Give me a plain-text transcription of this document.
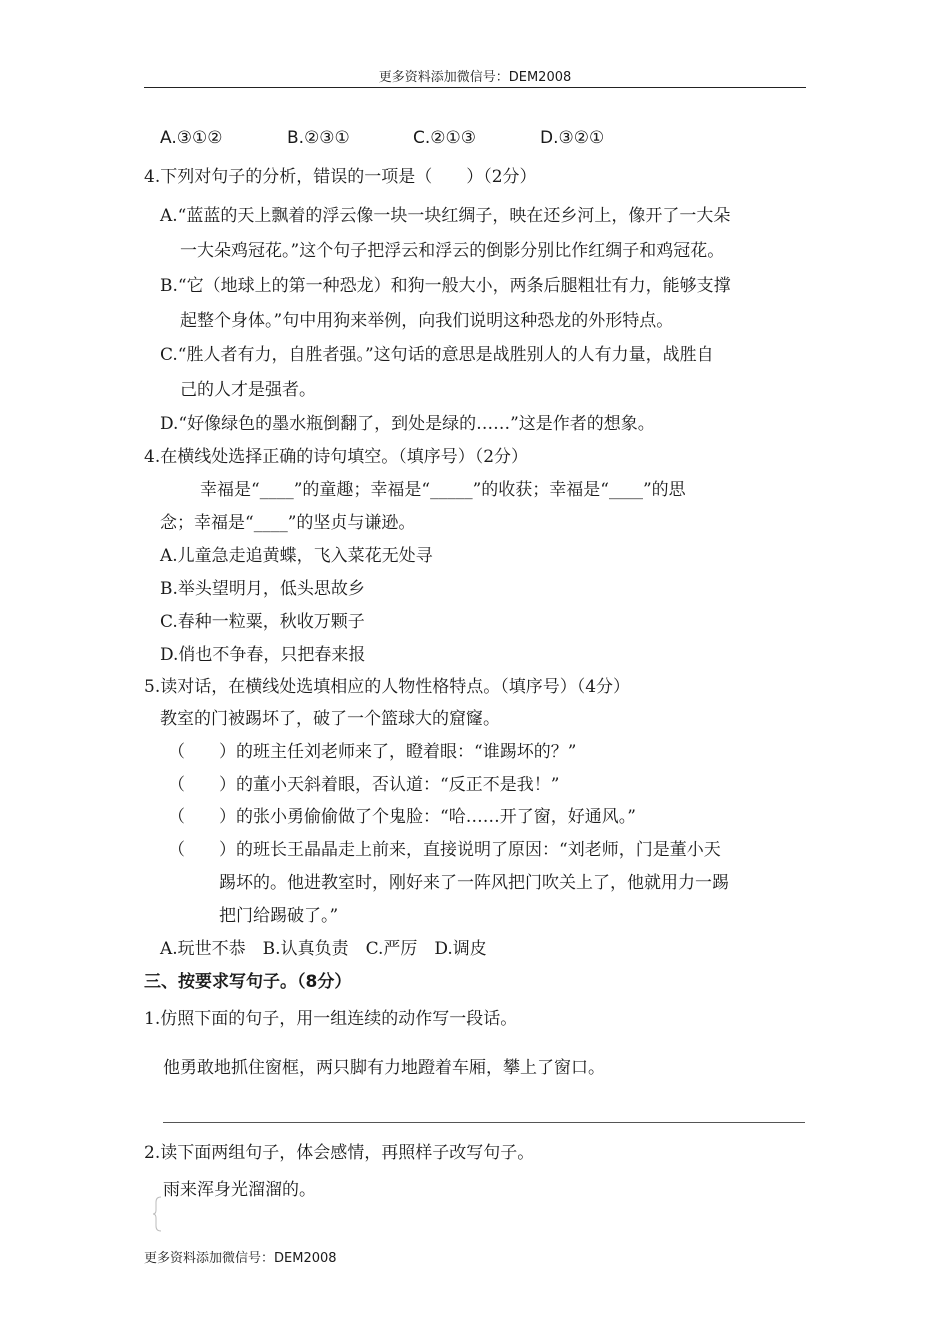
更多资料添加微信号：DEM2008
A.③①②	B.②③①	C.②①③	D.③②①
4.下列对句子的分析，错误的一项是（　　）（2分）
A.“蓝蓝的天上飘着的浮云像一块一块红绸子，映在还乡河上，像开了一大朵
一大朵鸡冠花。”这个句子把浮云和浮云的倒影分别比作红绸子和鸡冠花。
B.“它（地球上的第一种恐龙）和狗一般大小，两条后腿粗壮有力，能够支撑
起整个身体。”句中用狗来举例，向我们说明这种恐龙的外形特点。
C.“胜人者有力，自胜者强。”这句话的意思是战胜别人的人有力量，战胜自
己的人才是强者。
D.“好像绿色的墨水瓶倒翻了，到处是绿的……”这是作者的想象。
4.在横线处选择正确的诗句填空。（填序号）（2分）
幸福是“____”的童趣；幸福是“_____”的收获；幸福是“____”的思
念；幸福是“____”的坚贞与谦逊。
A.儿童急走追黄蝶，飞入菜花无处寻
B.举头望明月，低头思故乡
C.春种一粒粟，秋收万颗子
D.俏也不争春，只把春来报
5.读对话，在横线处选填相应的人物性格特点。（填序号）（4分）
教室的门被踢坏了，破了一个篮球大的窟窿。
（　　）的班主任刘老师来了，瞪着眼：“谁踢坏的？”
（　　）的董小天斜着眼，否认道：“反正不是我！”
（　　）的张小勇偷偷做了个鬼脸：“哈……开了窗，好通风。”
（　　）的班长王晶晶走上前来，直接说明了原因：“刘老师，门是董小天
踢坏的。他进教室时，刚好来了一阵风把门吹关上了，他就用力一踢
把门给踢破了。”
A.玩世不恭　B.认真负责　C.严厉　D.调皮
三、按要求写句子。（8分）
1.仿照下面的句子，用一组连续的动作写一段话。
他勇敢地抓住窗框，两只脚有力地蹬着车厢，攀上了窗口。
2.读下面两组句子，体会感情，再照样子改写句子。
雨来浑身光溜溜的。
更多资料添加微信号：DEM2008
